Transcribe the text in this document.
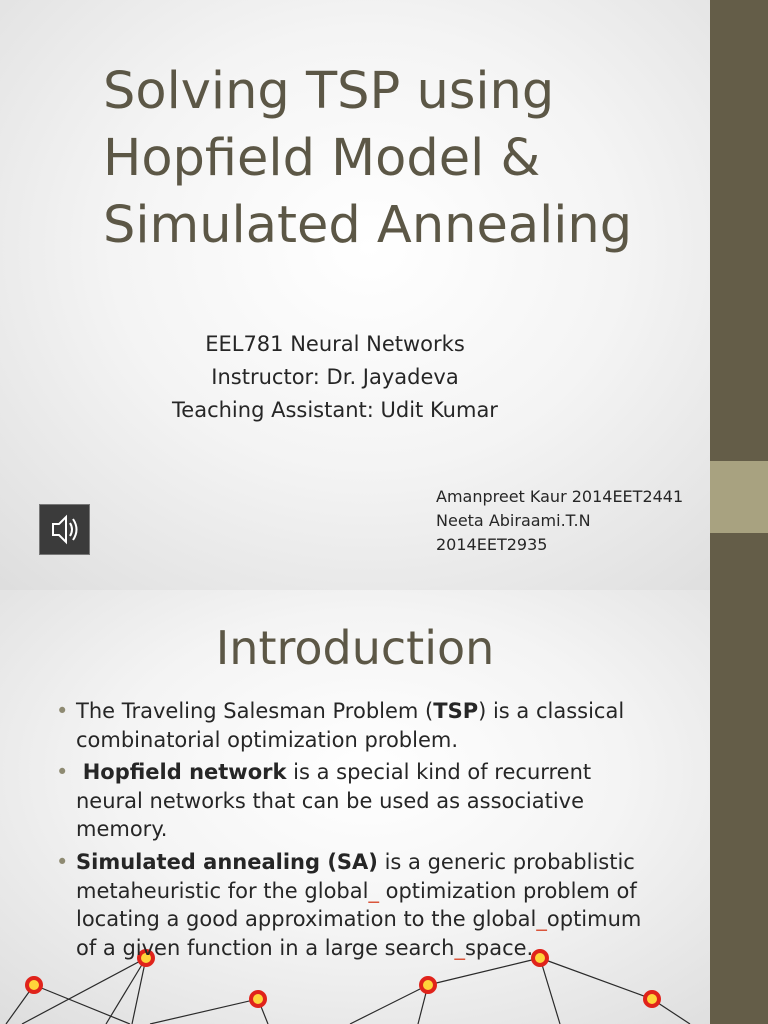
Solving TSP using
Hopfield Model &
Simulated Annealing
EEL781 Neural Networks
Instructor: Dr. Jayadeva
Teaching Assistant: Udit Kumar
Amanpreet Kaur 2014EET2441
Neeta Abiraami.T.N
2014EET2935
Introduction
• The Traveling Salesman Problem (TSP) is a classical combinatorial optimization problem.
• Hopfield network is a special kind of recurrent neural networks that can be used as associative memory.
• Simulated annealing (SA) is a generic probablistic metaheuristic for the global_ optimization problem of locating a good approximation to the global_optimum of a given function in a large search_space.
